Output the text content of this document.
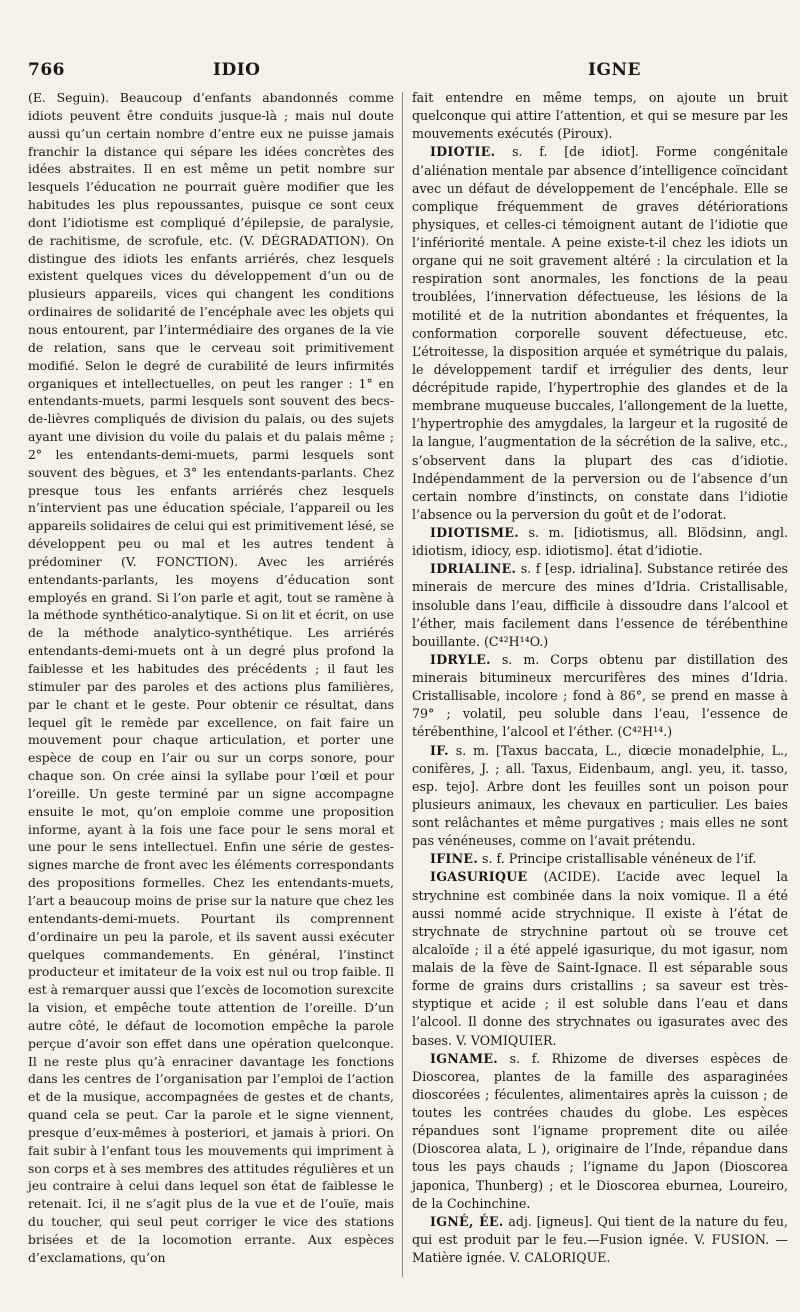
766	IDIO	IGNE

(E. Seguin). Beaucoup d’enfants abandonnés comme idiots peuvent être conduits jusque-là ; mais nul doute aussi qu’un certain nombre d’entre eux ne puisse jamais franchir la distance qui sépare les idées concrètes des idées abstraites. Il en est même un petit nombre sur lesquels l’éducation ne pourrait guère modifier que les habitudes les plus repoussantes, puisque ce sont ceux dont l’idiotisme est compliqué d’épilepsie, de paralysie, de rachitisme, de scrofule, etc. (V. DÉGRADATION). On distingue des idiots les enfants arriérés, chez lesquels existent quelques vices du développement d’un ou de plusieurs appareils, vices qui changent les conditions ordinaires de solidarité de l’encéphale avec les objets qui nous entourent, par l’intermédiaire des organes de la vie de relation, sans que le cerveau soit primitivement modifié. Selon le degré de curabilité de leurs infirmités organiques et intellectuelles, on peut les ranger : 1° en entendants-muets, parmi lesquels sont souvent des becs-de-lièvres compliqués de division du palais, ou des sujets ayant une division du voile du palais et du palais même ; 2° les entendants-demi-muets, parmi lesquels sont souvent des bègues, et 3° les entendants-parlants. Chez presque tous les enfants arriérés chez lesquels n’intervient pas une éducation spéciale, l’appareil ou les appareils solidaires de celui qui est primitivement lésé, se développent peu ou mal et les autres tendent à prédominer (V. FONCTION). Avec les arriérés entendants-parlants, les moyens d’éducation sont employés en grand. Si l’on parle et agit, tout se ramène à la méthode synthético-analytique. Si on lit et écrit, on use de la méthode analytico-synthétique. Les arriérés entendants-demi-muets ont à un degré plus profond la faiblesse et les habitudes des précédents ; il faut les stimuler par des paroles et des actions plus familières, par le chant et le geste. Pour obtenir ce résultat, dans lequel gît le remède par excellence, on fait faire un mouvement pour chaque articulation, et porter une espèce de coup en l’air ou sur un corps sonore, pour chaque son. On crée ainsi la syllabe pour l’œil et pour l’oreille. Un geste terminé par un signe accompagne ensuite le mot, qu’on emploie comme une proposition informe, ayant à la fois une face pour le sens moral et une pour le sens intellectuel. Enfin une série de gestes-signes marche de front avec les éléments correspondants des propositions formelles. Chez les entendants-muets, l’art a beaucoup moins de prise sur la nature que chez les entendants-demi-muets. Pourtant ils comprennent d’ordinaire un peu la parole, et ils savent aussi exécuter quelques commandements. En général, l’instinct producteur et imitateur de la voix est nul ou trop faible. Il est à remarquer aussi que l’excès de locomotion surexcite la vision, et empêche toute attention de l’oreille. D’un autre côté, le défaut de locomotion empêche la parole perçue d’avoir son effet dans une opération quelconque. Il ne reste plus qu’à enraciner davantage les fonctions dans les centres de l’organisation par l’emploi de l’action et de la musique, accompagnées de gestes et de chants, quand cela se peut. Car la parole et le signe viennent, presque d’eux-mêmes à posteriori, et jamais à priori. On fait subir à l’enfant tous les mouvements qui impriment à son corps et à ses membres des attitudes régulières et un jeu contraire à celui dans lequel son état de faiblesse le retenait. Ici, il ne s’agit plus de la vue et de l’ouïe, mais du toucher, qui seul peut corriger le vice des stations brisées et de la locomotion errante. Aux espèces d’exclamations, qu’on

fait entendre en même temps, on ajoute un bruit quelconque qui attire l’attention, et qui se mesure par les mouvements exécutés (Piroux).

IDIOTIE. s. f. [de idiot]. Forme congénitale d’aliénation mentale par absence d’intelligence coïncidant avec un défaut de développement de l’encéphale. Elle se complique fréquemment de graves détériorations physiques, et celles-ci témoignent autant de l’idiotie que l’infériorité mentale. A peine existe-t-il chez les idiots un organe qui ne soit gravement altéré : la circulation et la respiration sont anormales, les fonctions de la peau troublées, l’innervation défectueuse, les lésions de la motilité et de la nutrition abondantes et fréquentes, la conformation corporelle souvent défectueuse, etc. L’étroitesse, la disposition arquée et symétrique du palais, le développement tardif et irrégulier des dents, leur décrépitude rapide, l’hypertrophie des glandes et de la membrane muqueuse buccales, l’allongement de la luette, l’hypertrophie des amygdales, la largeur et la rugosité de la langue, l’augmentation de la sécrétion de la salive, etc., s’observent dans la plupart des cas d’idiotie. Indépendamment de la perversion ou de l’absence d’un certain nombre d’instincts, on constate dans l’idiotie l’absence ou la perversion du goût et de l’odorat.

IDIOTISME. s. m. [idiotismus, all. Blödsinn, angl. idiotism, idiocy, esp. idiotismo]. état d’idiotie.

IDRIALINE. s. f [esp. idrialina]. Substance retirée des minerais de mercure des mines d’Idria. Cristallisable, insoluble dans l’eau, difficile à dissoudre dans l’alcool et l’éther, mais facilement dans l’essence de térébenthine bouillante. (C⁴²H¹⁴O.)

IDRYLE. s. m. Corps obtenu par distillation des minerais bitumineux mercurifères des mines d’Idria. Cristallisable, incolore ; fond à 86°, se prend en masse à 79° ; volatil, peu soluble dans l’eau, l’essence de térébenthine, l’alcool et l’éther. (C⁴²H¹⁴.)

IF. s. m. [Taxus baccata, L., diœcie monadelphie, L., conifères, J. ; all. Taxus, Eidenbaum, angl. yeu, it. tasso, esp. tejo]. Arbre dont les feuilles sont un poison pour plusieurs animaux, les chevaux en particulier. Les baies sont relâchantes et même purgatives ; mais elles ne sont pas vénéneuses, comme on l’avait prétendu.

IFINE. s. f. Principe cristallisable vénéneux de l’if.

IGASURIQUE (ACIDE). L’acide avec lequel la strychnine est combinée dans la noix vomique. Il a été aussi nommé acide strychnique. Il existe à l’état de strychnate de strychnine partout où se trouve cet alcaloïde ; il a été appelé igasurique, du mot igasur, nom malais de la fève de Saint-Ignace. Il est séparable sous forme de grains durs cristallins ; sa saveur est très-styptique et acide ; il est soluble dans l’eau et dans l’alcool. Il donne des strychnates ou igasurates avec des bases. V. VOMIQUIER.

IGNAME. s. f. Rhizome de diverses espèces de Dioscorea, plantes de la famille des asparaginées dioscorées ; féculentes, alimentaires après la cuisson ; de toutes les contrées chaudes du globe. Les espèces répandues sont l’igname proprement dite ou ailée (Dioscorea alata, L ), originaire de l’Inde, répandue dans tous les pays chauds ; l’igname du Japon (Dioscorea japonica, Thunberg) ; et le Dioscorea eburnea, Loureiro, de la Cochinchine.

IGNÉ, ÉE. adj. [igneus]. Qui tient de la nature du feu, qui est produit par le feu.—Fusion ignée. V. FUSION. — Matière ignée. V. CALORIQUE.
